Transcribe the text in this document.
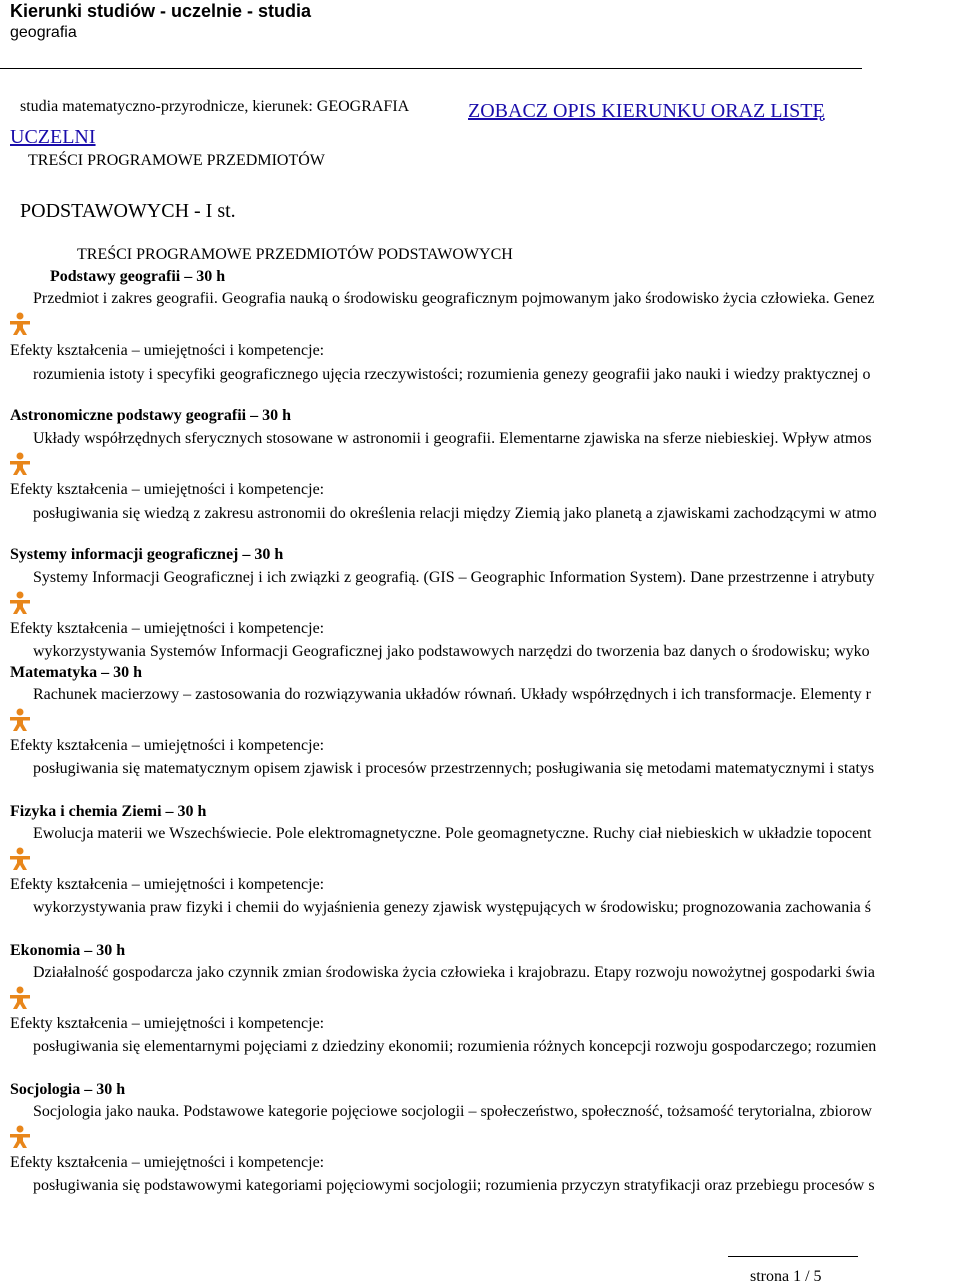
Kierunki studiów - uczelnie - studia
geografia
studia matematyczno-przyrodnicze, kierunek: GEOGRAFIA	ZOBACZ OPIS KIERUNKU ORAZ LISTĘ
UCZELNI
TREŚCI PROGRAMOWE PRZEDMIOTÓW
PODSTAWOWYCH - I st.
TREŚCI PROGRAMOWE PRZEDMIOTÓW PODSTAWOWYCH
Podstawy geografii – 30 h
Przedmiot i zakres geografii. Geografia nauką o środowisku geograficznym pojmowanym jako środowisko życia człowieka. Genez
Efekty kształcenia – umiejętności i kompetencje:
rozumienia istoty i specyfiki geograficznego ujęcia rzeczywistości; rozumienia genezy geografii jako nauki i wiedzy praktycznej o
Astronomiczne podstawy geografii – 30 h
Układy współrzędnych sferycznych stosowane w astronomii i geografii. Elementarne zjawiska na sferze niebieskiej. Wpływ atmos
Efekty kształcenia – umiejętności i kompetencje:
posługiwania się wiedzą z zakresu astronomii do określenia relacji między Ziemią jako planetą a zjawiskami zachodzącymi w atmo
Systemy informacji geograficznej – 30 h
Systemy Informacji Geograficznej i ich związki z geografią. (GIS – Geographic Information System). Dane przestrzenne i atrybuty
Efekty kształcenia – umiejętności i kompetencje:
wykorzystywania Systemów Informacji Geograficznej jako podstawowych narzędzi do tworzenia baz danych o środowisku; wyko
Matematyka – 30 h
Rachunek macierzowy – zastosowania do rozwiązywania układów równań. Układy współrzędnych i ich transformacje. Elementy r
Efekty kształcenia – umiejętności i kompetencje:
posługiwania się matematycznym opisem zjawisk i procesów przestrzennych; posługiwania się metodami matematycznymi i statys
Fizyka i chemia Ziemi – 30 h
Ewolucja materii we Wszechświecie. Pole elektromagnetyczne. Pole geomagnetyczne. Ruchy ciał niebieskich w układzie topocent
Efekty kształcenia – umiejętności i kompetencje:
wykorzystywania praw fizyki i chemii do wyjaśnienia genezy zjawisk występujących w środowisku; prognozowania zachowania ś
Ekonomia – 30 h
Działalność gospodarcza jako czynnik zmian środowiska życia człowieka i krajobrazu. Etapy rozwoju nowożytnej gospodarki świa
Efekty kształcenia – umiejętności i kompetencje:
posługiwania się elementarnymi pojęciami z dziedziny ekonomii; rozumienia różnych koncepcji rozwoju gospodarczego; rozumien
Socjologia – 30 h
Socjologia jako nauka. Podstawowe kategorie pojęciowe socjologii – społeczeństwo, społeczność, tożsamość terytorialna, zbiorow
Efekty kształcenia – umiejętności i kompetencje:
posługiwania się podstawowymi kategoriami pojęciowymi socjologii; rozumienia przyczyn stratyfikacji oraz przebiegu procesów s
strona 1 / 5
